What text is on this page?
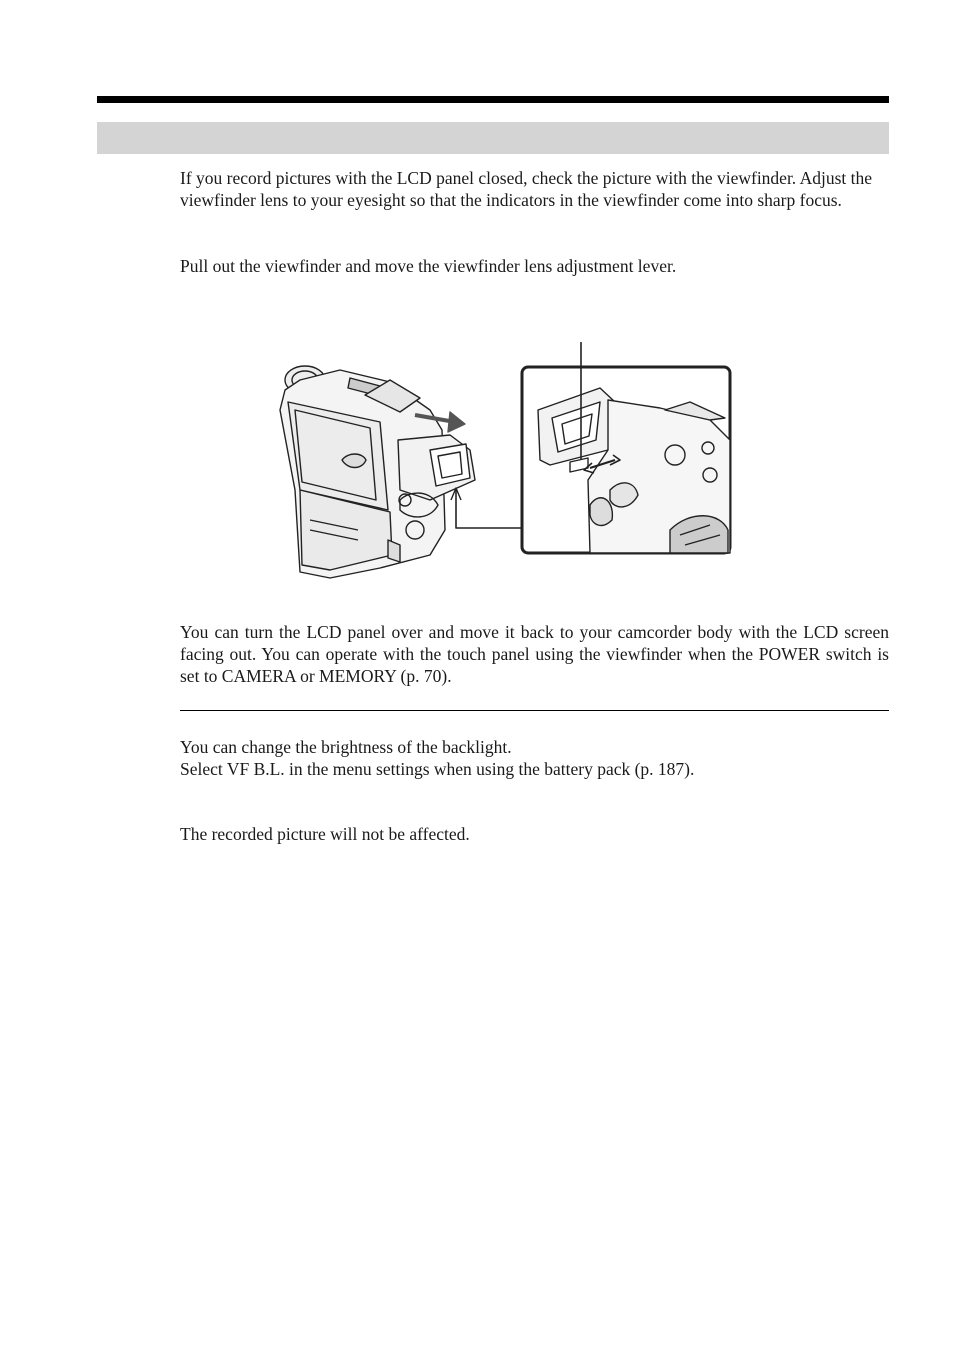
If you record pictures with the LCD panel closed, check the picture with the viewfinder. Adjust the viewfinder lens to your eyesight so that the indicators in the viewfinder come into sharp focus.

Pull out the viewfinder and move the viewfinder lens adjustment lever.

You can turn the LCD panel over and move it back to your camcorder body with the LCD screen facing out. You can operate with the touch panel using the viewfinder when the POWER switch is set to CAMERA or MEMORY (p. 70).

You can change the brightness of the backlight.

Select VF B.L. in the menu settings when using the battery pack (p. 187).

The recorded picture will not be affected.
